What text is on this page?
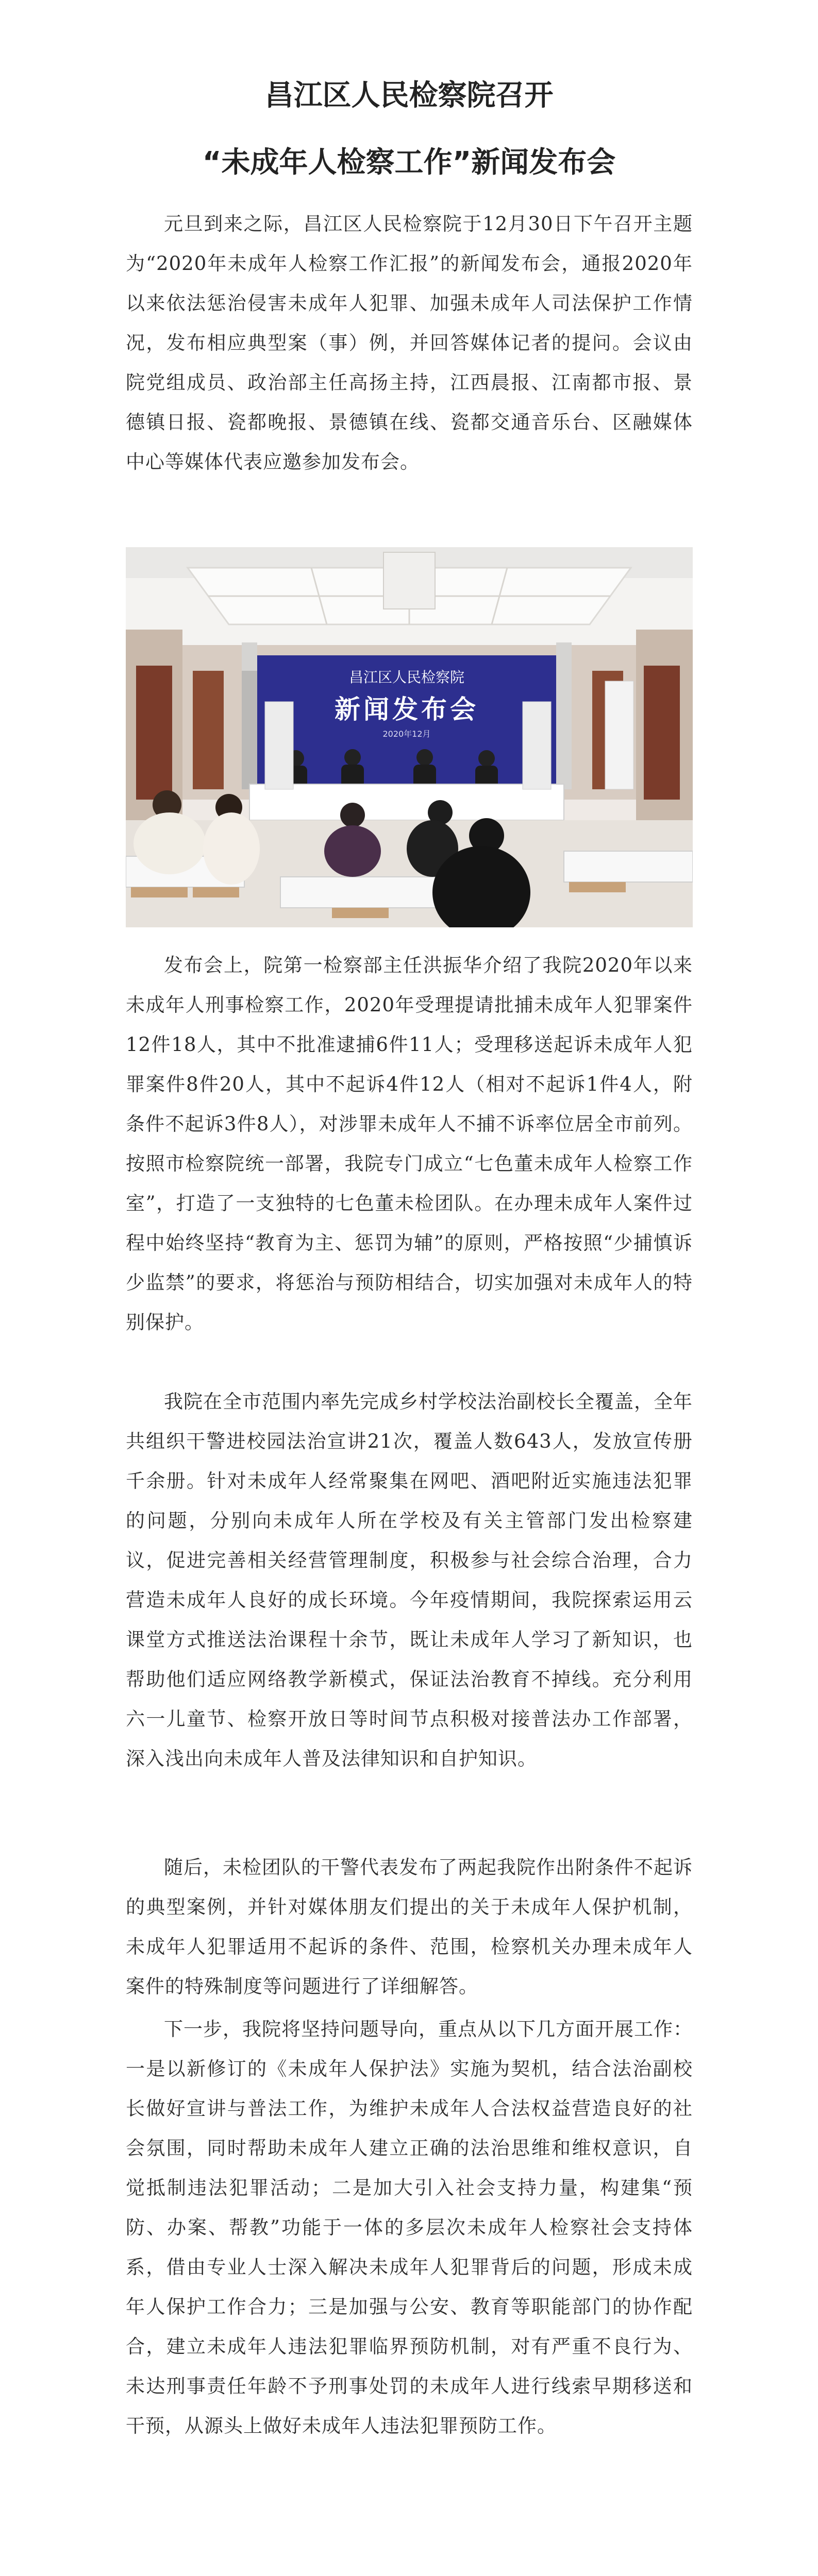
昌江区人民检察院召开
“未成年人检察工作”新闻发布会

元旦到来之际，昌江区人民检察院于12月30日下午召开主题为“2020年未成年人检察工作汇报”的新闻发布会，通报2020年以来依法惩治侵害未成年人犯罪、加强未成年人司法保护工作情况，发布相应典型案（事）例，并回答媒体记者的提问。会议由院党组成员、政治部主任高扬主持，江西晨报、江南都市报、景德镇日报、瓷都晚报、景德镇在线、瓷都交通音乐台、区融媒体中心等媒体代表应邀参加发布会。

昌江区人民检察院
新闻发布会
2020年12月

发布会上，院第一检察部主任洪振华介绍了我院2020年以来未成年人刑事检察工作，2020年受理提请批捕未成年人犯罪案件12件18人，其中不批准逮捕6件11人；受理移送起诉未成年人犯罪案件8件20人，其中不起诉4件12人（相对不起诉1件4人，附条件不起诉3件8人），对涉罪未成年人不捕不诉率位居全市前列。按照市检察院统一部署，我院专门成立“七色董未成年人检察工作室”，打造了一支独特的七色董未检团队。在办理未成年人案件过程中始终坚持“教育为主、惩罚为辅”的原则，严格按照“少捕慎诉少监禁”的要求，将惩治与预防相结合，切实加强对未成年人的特别保护。

我院在全市范围内率先完成乡村学校法治副校长全覆盖，全年共组织干警进校园法治宣讲21次，覆盖人数643人，发放宣传册千余册。针对未成年人经常聚集在网吧、酒吧附近实施违法犯罪的问题，分别向未成年人所在学校及有关主管部门发出检察建议，促进完善相关经营管理制度，积极参与社会综合治理，合力营造未成年人良好的成长环境。今年疫情期间，我院探索运用云课堂方式推送法治课程十余节，既让未成年人学习了新知识，也帮助他们适应网络教学新模式，保证法治教育不掉线。充分利用六一儿童节、检察开放日等时间节点积极对接普法办工作部署，深入浅出向未成年人普及法律知识和自护知识。

随后，未检团队的干警代表发布了两起我院作出附条件不起诉的典型案例，并针对媒体朋友们提出的关于未成年人保护机制，未成年人犯罪适用不起诉的条件、范围，检察机关办理未成年人案件的特殊制度等问题进行了详细解答。

下一步，我院将坚持问题导向，重点从以下几方面开展工作：一是以新修订的《未成年人保护法》实施为契机，结合法治副校长做好宣讲与普法工作，为维护未成年人合法权益营造良好的社会氛围，同时帮助未成年人建立正确的法治思维和维权意识，自觉抵制违法犯罪活动；二是加大引入社会支持力量，构建集“预防、办案、帮教”功能于一体的多层次未成年人检察社会支持体系，借由专业人士深入解决未成年人犯罪背后的问题，形成未成年人保护工作合力；三是加强与公安、教育等职能部门的协作配合，建立未成年人违法犯罪临界预防机制，对有严重不良行为、未达刑事责任年龄不予刑事处罚的未成年人进行线索早期移送和干预，从源头上做好未成年人违法犯罪预防工作。
